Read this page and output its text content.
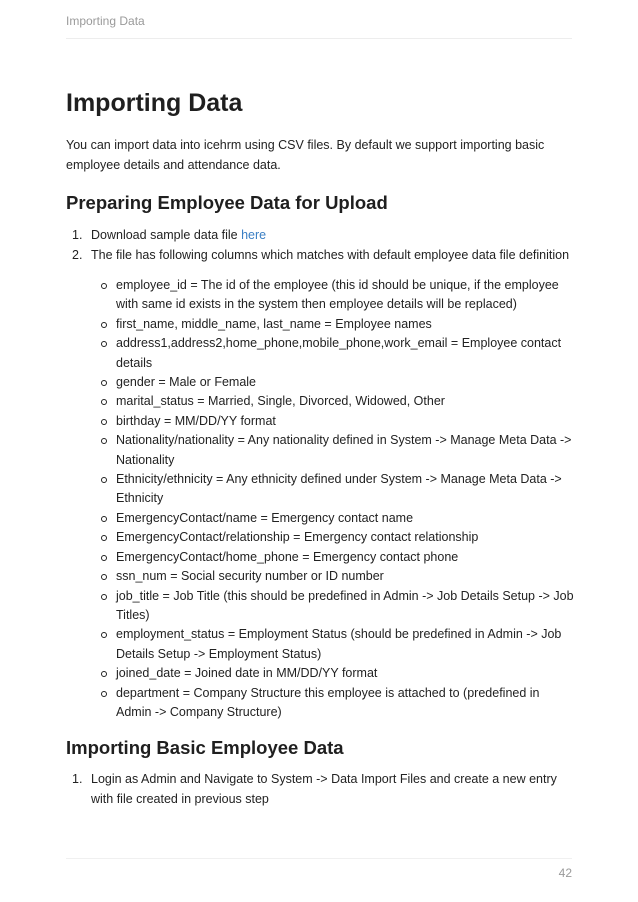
Importing Data
Importing Data

You can import data into icehrm using CSV files. By default we support importing basic employee details and attendance data.

Preparing Employee Data for Upload
1. Download sample data file here
2. The file has following columns which matches with default employee data file definition
employee_id = The id of the employee (this id should be unique, if the employee with same id exists in the system then employee details will be replaced)
first_name, middle_name, last_name = Employee names
address1,address2,home_phone,mobile_phone,work_email = Employee contact details
gender = Male or Female
marital_status = Married, Single, Divorced, Widowed, Other
birthday = MM/DD/YY format
Nationality/nationality = Any nationality defined in System -> Manage Meta Data -> Nationality
Ethnicity/ethnicity = Any ethnicity defined under System -> Manage Meta Data -> Ethnicity
EmergencyContact/name = Emergency contact name
EmergencyContact/relationship = Emergency contact relationship
EmergencyContact/home_phone = Emergency contact phone
ssn_num = Social security number or ID number
job_title = Job Title (this should be predefined in Admin -> Job Details Setup -> Job Titles)
employment_status = Employment Status (should be predefined in Admin -> Job Details Setup -> Employment Status)
joined_date = Joined date in MM/DD/YY format
department = Company Structure this employee is attached to (predefined in Admin -> Company Structure)
Importing Basic Employee Data
1. Login as Admin and Navigate to System -> Data Import Files and create a new entry with file created in previous step
42
